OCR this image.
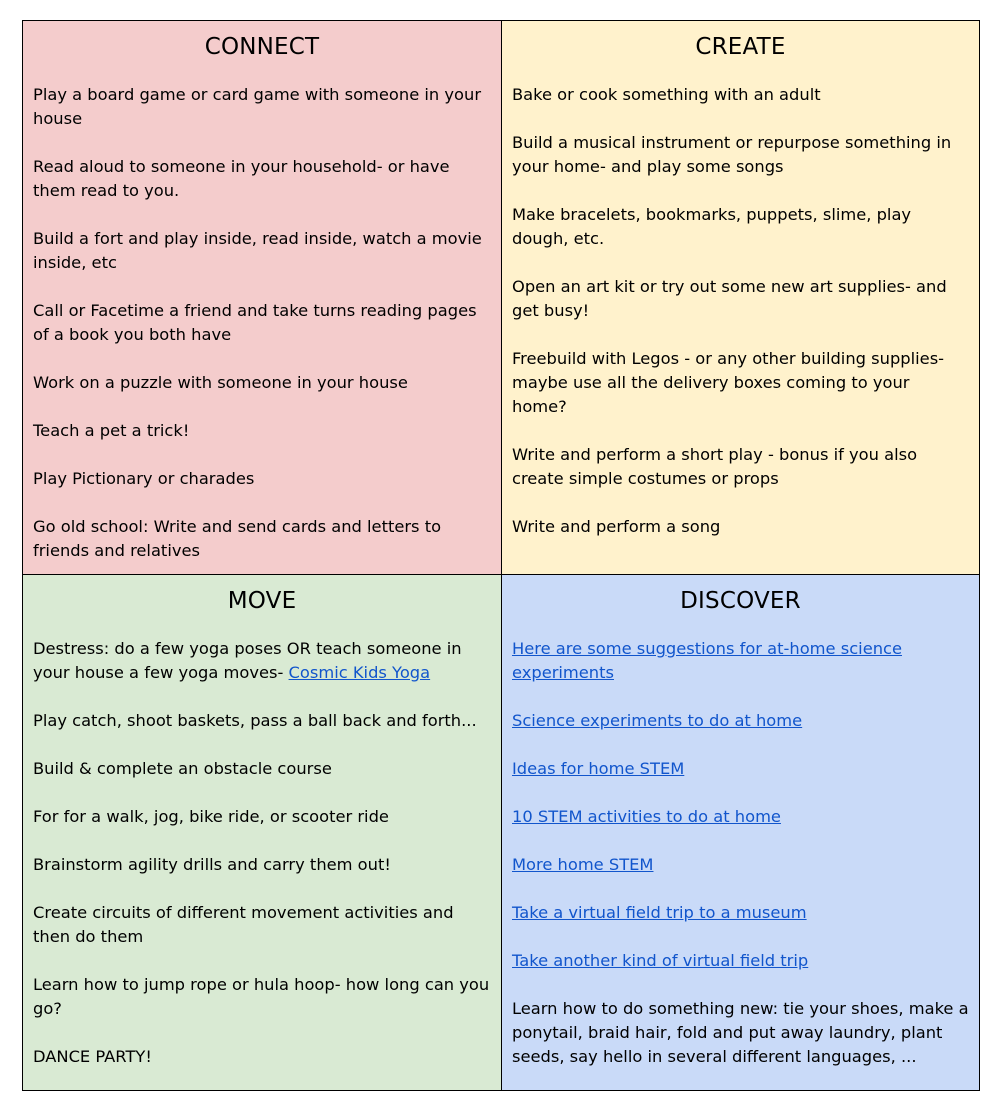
CONNECT
Play a board game or card game with someone in your house
Read aloud to someone in your household- or have them read to you.
Build a fort and play inside, read inside, watch a movie inside, etc
Call or Facetime a friend and take turns reading pages of a book you both have
Work on a puzzle with someone in your house
Teach a pet a trick!
Play Pictionary or charades
Go old school: Write and send cards and letters to friends and relatives
CREATE
Bake or cook something with an adult
Build a musical instrument or repurpose something in your home- and play some songs
Make bracelets, bookmarks, puppets, slime, play dough, etc.
Open an art kit or try out some new art supplies- and get busy!
Freebuild with Legos - or any other building supplies- maybe use all the delivery boxes coming to your home?
Write and perform a short play - bonus if you also create simple costumes or props
Write and perform a song
MOVE
Destress: do a few yoga poses OR teach someone in your house a few yoga moves- Cosmic Kids Yoga
Play catch, shoot baskets, pass a ball back and forth...
Build & complete an obstacle course
For for a walk, jog, bike ride, or scooter ride
Brainstorm agility drills and carry them out!
Create circuits of different movement activities and then do them
Learn how to jump rope or hula hoop- how long can you go?
DANCE PARTY!
DISCOVER
Here are some suggestions for at-home science experiments
Science experiments to do at home
Ideas for home STEM
10 STEM activities to do at home
More home STEM
Take a virtual field trip to a museum
Take another kind of virtual field trip
Learn how to do something new: tie your shoes, make a ponytail, braid hair, fold and put away laundry, plant seeds, say hello in several different languages, ...
